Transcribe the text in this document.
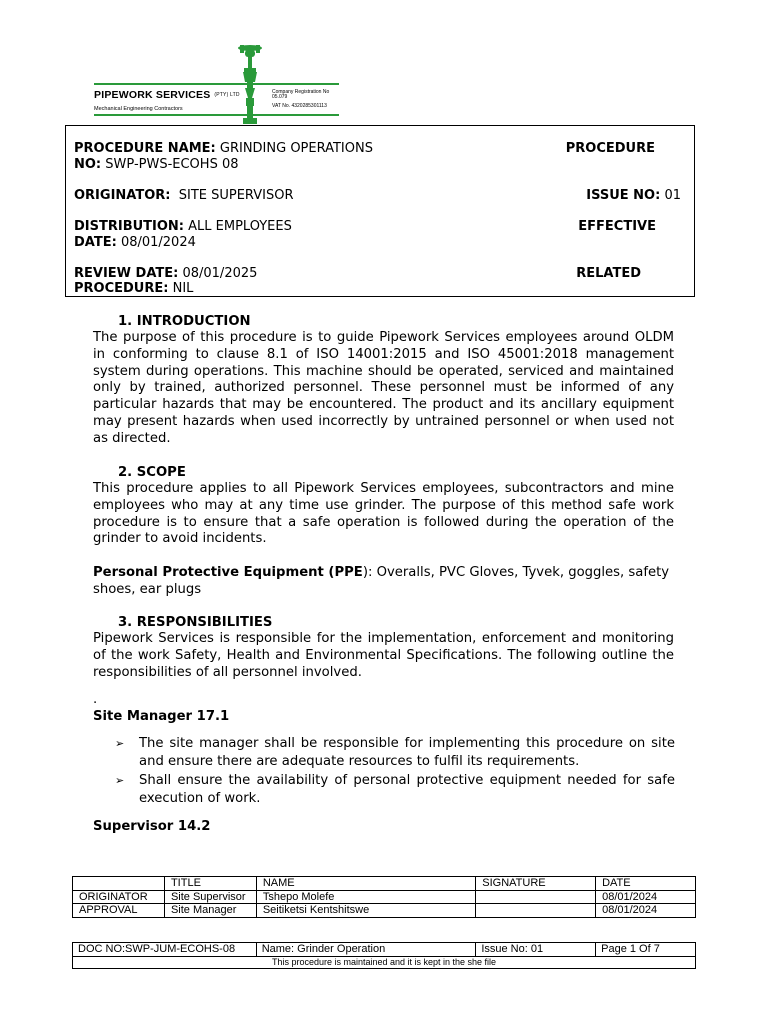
PIPEWORK SERVICES (PTY) LTD
Mechanical Engineering Contractors
Company Registration No 05.079
VAT No. 4320285301113
PROCEDURE NAME: GRINDING OPERATIONS	PROCEDURE
NO: SWP-PWS-ECOHS 08
ORIGINATOR: SITE SUPERVISOR	ISSUE NO: 01
DISTRIBUTION: ALL EMPLOYEES	EFFECTIVE
DATE: 08/01/2024
REVIEW DATE: 08/01/2025	RELATED
PROCEDURE: NIL
1. INTRODUCTION
The purpose of this procedure is to guide Pipework Services employees around OLDM in conforming to clause 8.1 of ISO 14001:2015 and ISO 45001:2018 management system during operations. This machine should be operated, serviced and maintained only by trained, authorized personnel. These personnel must be informed of any particular hazards that may be encountered. The product and its ancillary equipment may present hazards when used incorrectly by untrained personnel or when used not as directed.
2. SCOPE
This procedure applies to all Pipework Services employees, subcontractors and mine employees who may at any time use grinder. The purpose of this method safe work procedure is to ensure that a safe operation is followed during the operation of the grinder to avoid incidents.
Personal Protective Equipment (PPE): Overalls, PVC Gloves, Tyvek, goggles, safety shoes, ear plugs
3. RESPONSIBILITIES
Pipework Services is responsible for the implementation, enforcement and monitoring of the work Safety, Health and Environmental Specifications. The following outline the responsibilities of all personnel involved.
.
Site Manager 17.1
➢ The site manager shall be responsible for implementing this procedure on site and ensure there are adequate resources to fulfil its requirements.
➢ Shall ensure the availability of personal protective equipment needed for safe execution of work.
Supervisor 14.2
	TITLE	NAME	SIGNATURE	DATE
ORIGINATOR	Site Supervisor	Tshepo Molefe		08/01/2024
APPROVAL	Site Manager	Seitiketsi Kentshitswe		08/01/2024
DOC NO:SWP-JUM-ECOHS-08	Name: Grinder Operation	Issue No: 01	Page 1 Of 7
This procedure is maintained and it is kept in the she file
